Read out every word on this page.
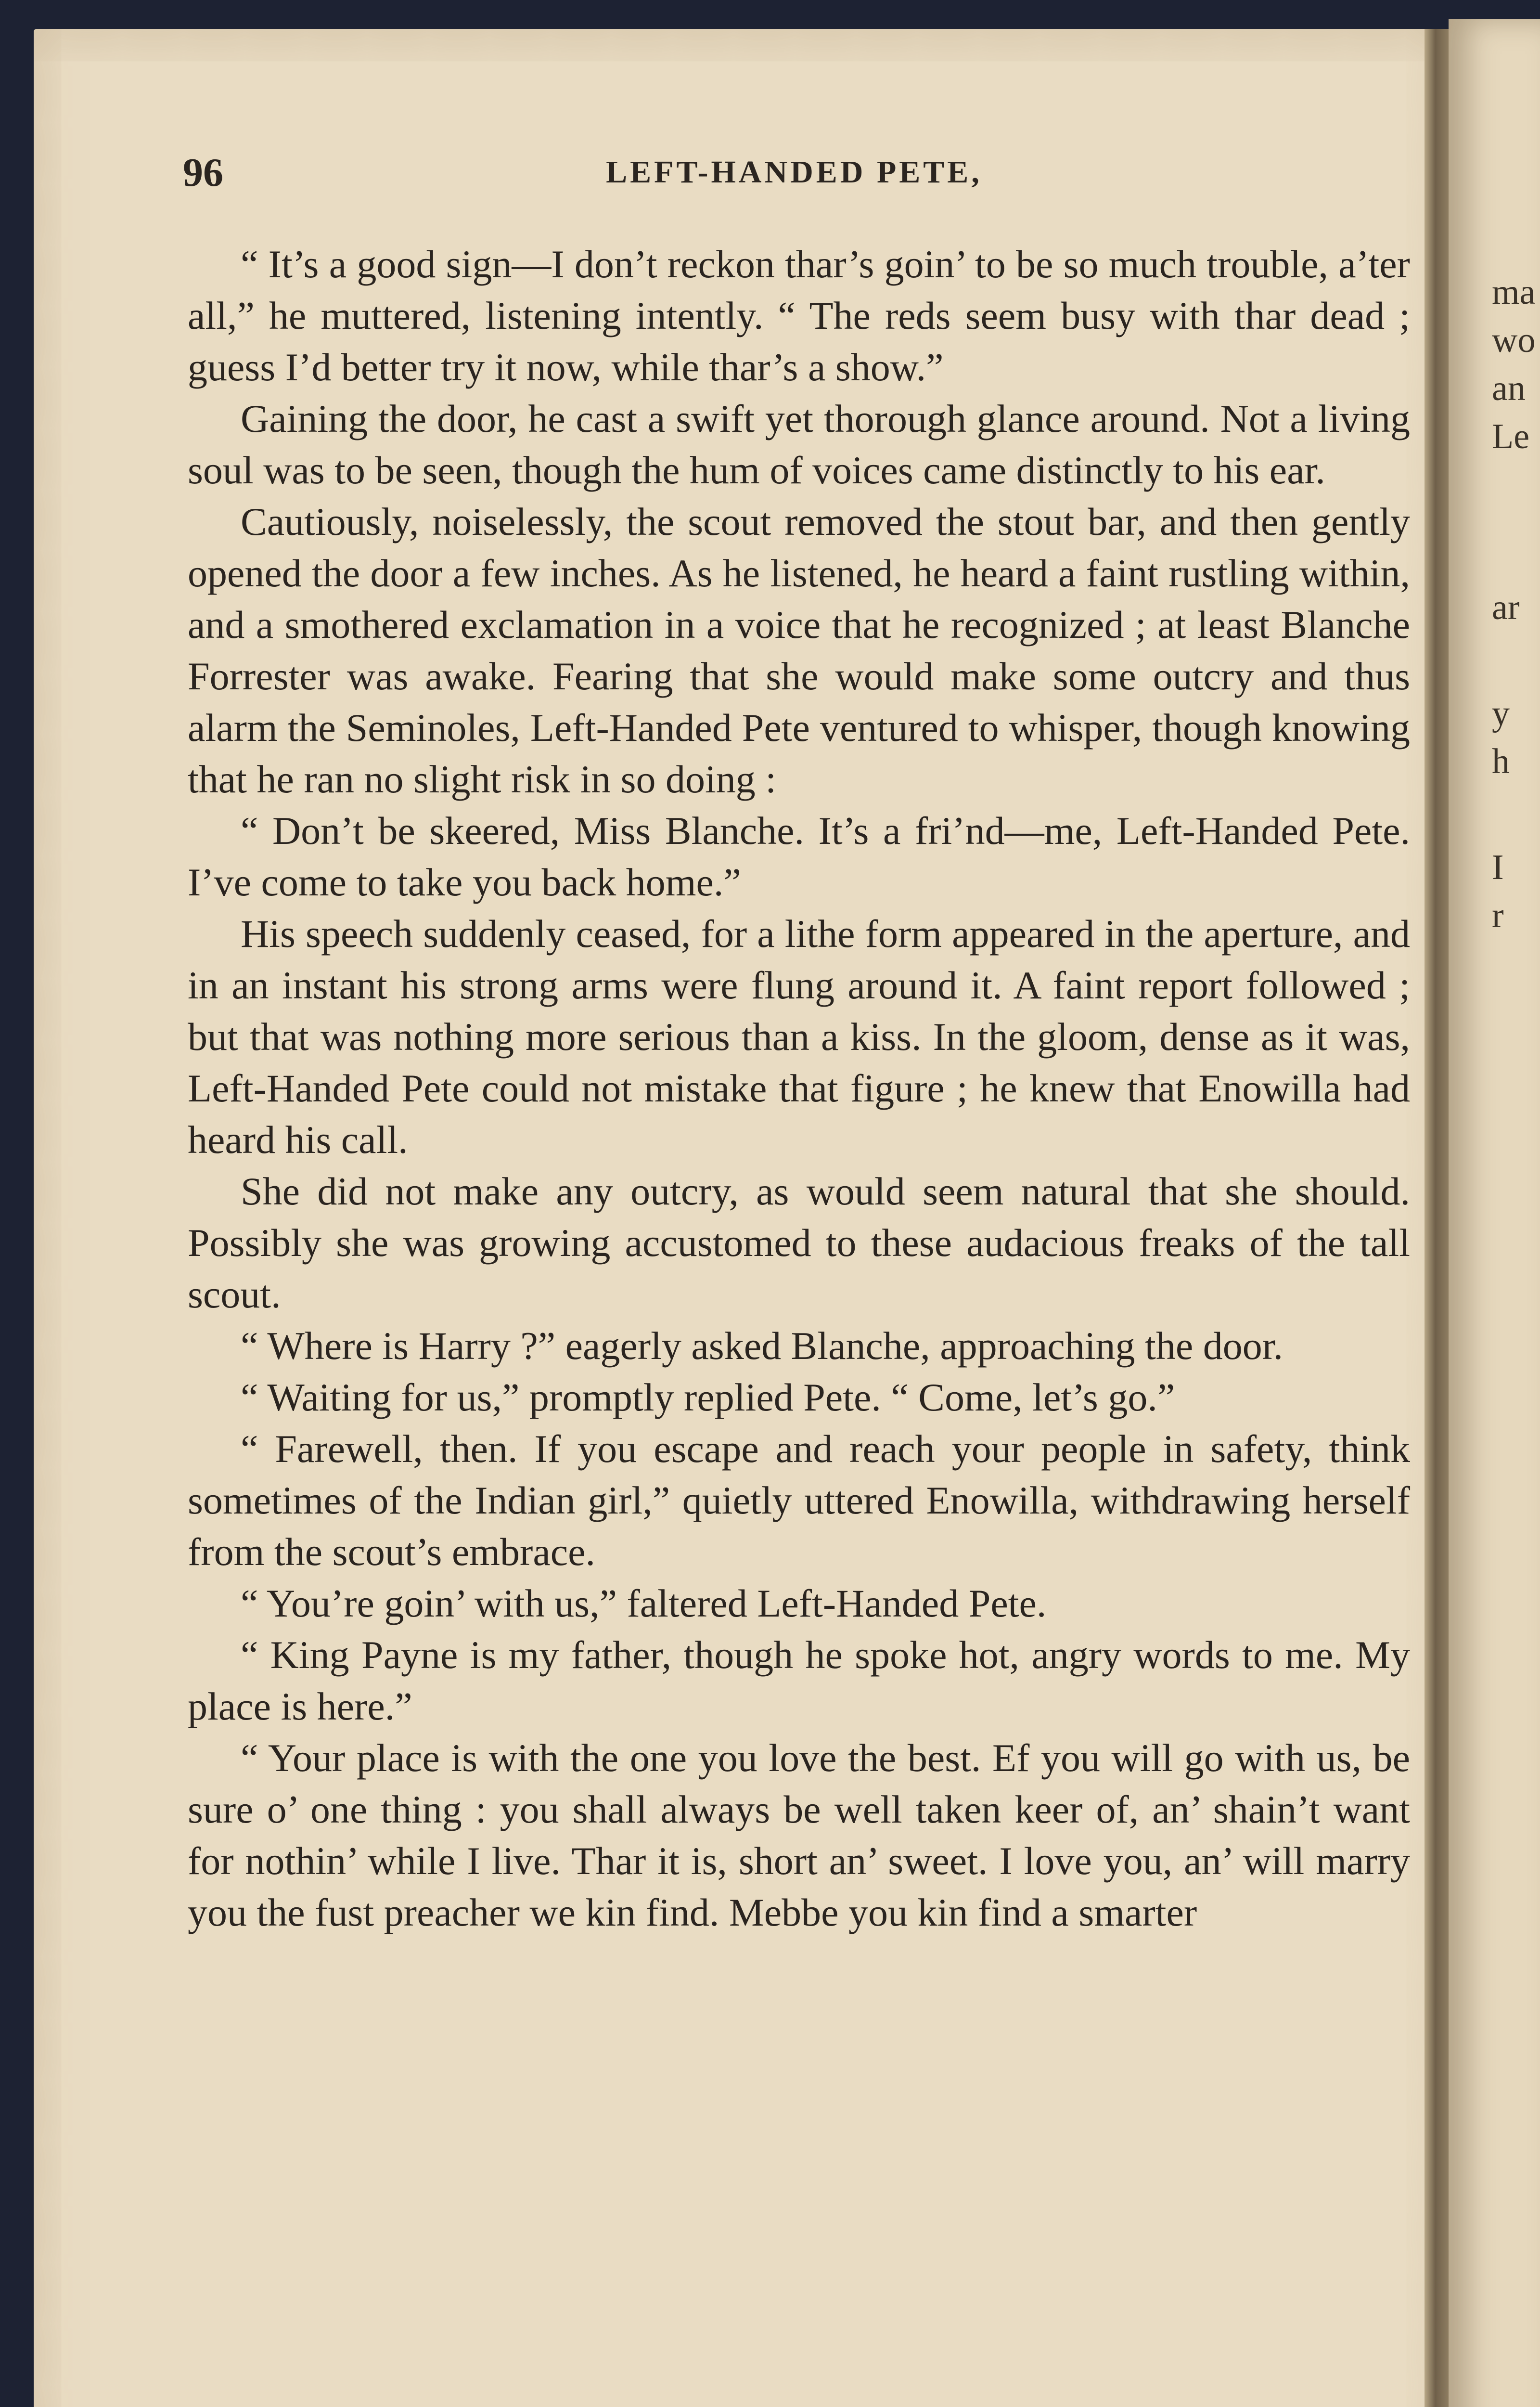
ma
wo
an
Le
ar
y
h
I
r
96	LEFT-HANDED PETE,

“ It’s a good sign—I don’t reckon thar’s goin’ to be so much trouble, a’ter all,” he muttered, listening intently. “ The reds seem busy with thar dead ; guess I’d better try it now, while thar’s a show.”

Gaining the door, he cast a swift yet thorough glance around. Not a living soul was to be seen, though the hum of voices came distinctly to his ear.

Cautiously, noiselessly, the scout removed the stout bar, and then gently opened the door a few inches. As he listened, he heard a faint rustling within, and a smothered exclamation in a voice that he recognized ; at least Blanche Forrester was awake. Fearing that she would make some outcry and thus alarm the Seminoles, Left-Handed Pete ventured to whisper, though knowing that he ran no slight risk in so doing :

“ Don’t be skeered, Miss Blanche. It’s a fri’nd—me, Left-Handed Pete. I’ve come to take you back home.”

His speech suddenly ceased, for a lithe form appeared in the aperture, and in an instant his strong arms were flung around it. A faint report followed ; but that was nothing more serious than a kiss. In the gloom, dense as it was, Left-Handed Pete could not mistake that figure ; he knew that Enowilla had heard his call.

She did not make any outcry, as would seem natural that she should. Possibly she was growing accustomed to these audacious freaks of the tall scout.

“ Where is Harry ?” eagerly asked Blanche, approaching the door.

“ Waiting for us,” promptly replied Pete. “ Come, let’s go.”

“ Farewell, then. If you escape and reach your people in safety, think sometimes of the Indian girl,” quietly uttered Enowilla, withdrawing herself from the scout’s embrace.

“ You’re goin’ with us,” faltered Left-Handed Pete.

“ King Payne is my father, though he spoke hot, angry words to me. My place is here.”

“ Your place is with the one you love the best. Ef you will go with us, be sure o’ one thing : you shall always be well taken keer of, an’ shain’t want for nothin’ while I live. Thar it is, short an’ sweet. I love you, an’ will marry you the fust preacher we kin find. Mebbe you kin find a smarter
